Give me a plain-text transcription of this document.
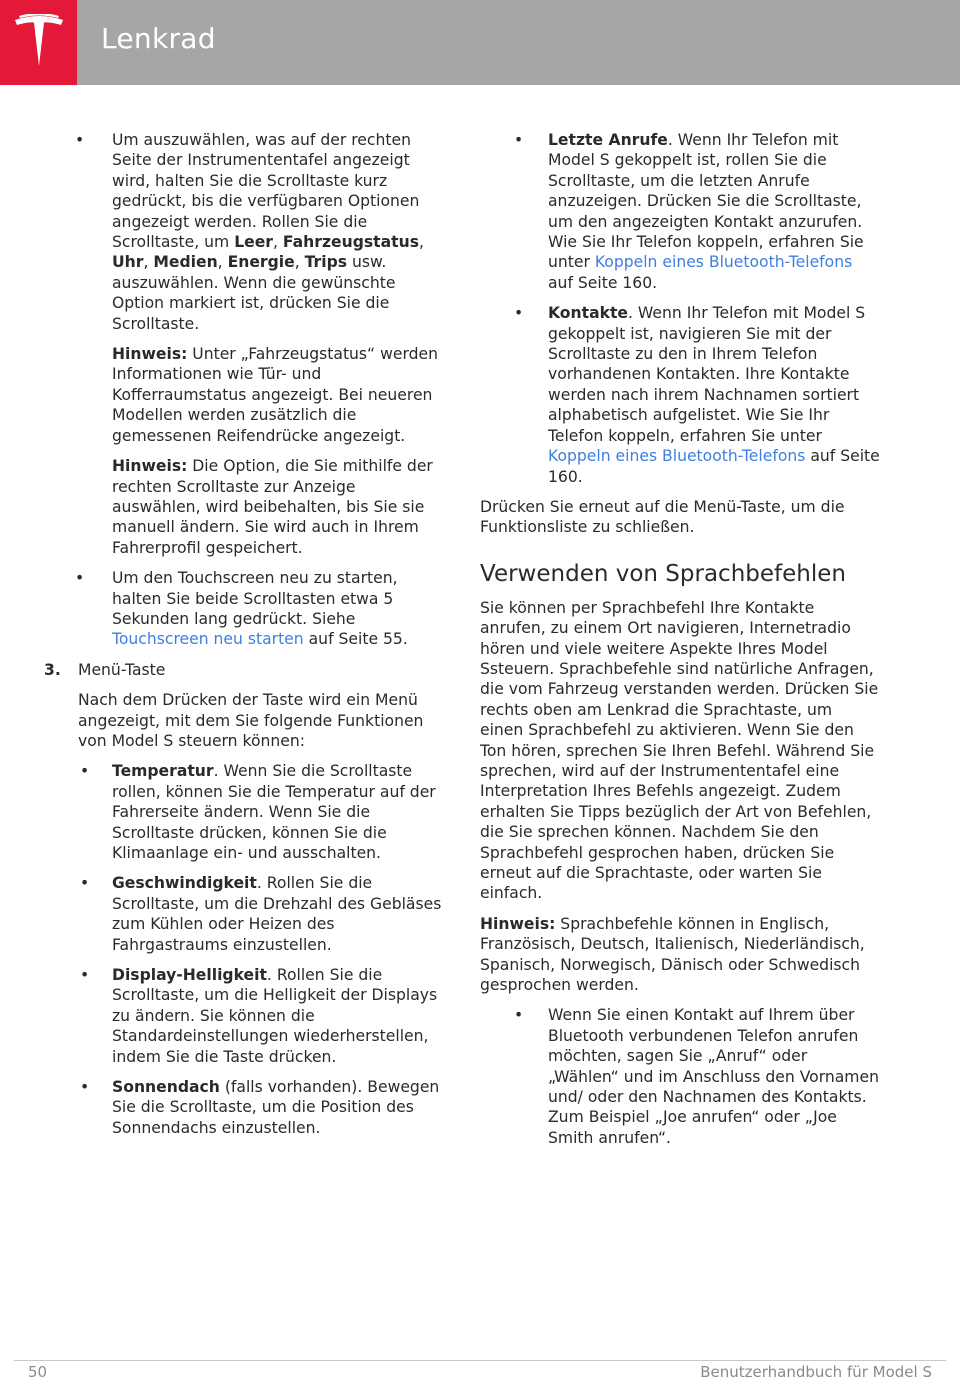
Lenkrad
• Um auszuwählen, was auf der rechten Seite der Instrumententafel angezeigt wird, halten Sie die Scrolltaste kurz gedrückt, bis die verfügbaren Optionen angezeigt werden. Rollen Sie die Scrolltaste, um Leer, Fahrzeugstatus, Uhr, Medien, Energie, Trips usw. auszuwählen. Wenn die gewünschte Option markiert ist, drücken Sie die Scrolltaste.

Hinweis: Unter „Fahrzeugstatus“ werden Informationen wie Tür- und Kofferraumstatus angezeigt. Bei neueren Modellen werden zusätzlich die gemessenen Reifendrücke angezeigt.

Hinweis: Die Option, die Sie mithilfe der rechten Scrolltaste zur Anzeige auswählen, wird beibehalten, bis Sie sie manuell ändern. Sie wird auch in Ihrem Fahrerprofil gespeichert.

• Um den Touchscreen neu zu starten, halten Sie beide Scrolltasten etwa 5 Sekunden lang gedrückt. Siehe Touchscreen neu starten auf Seite 55.
3. Menü-Taste

Nach dem Drücken der Taste wird ein Menü angezeigt, mit dem Sie folgende Funktionen von Model S steuern können:

• Temperatur. Wenn Sie die Scrolltaste rollen, können Sie die Temperatur auf der Fahrerseite ändern. Wenn Sie die Scrolltaste drücken, können Sie die Klimaanlage ein- und ausschalten.
• Geschwindigkeit. Rollen Sie die Scrolltaste, um die Drehzahl des Gebläses zum Kühlen oder Heizen des Fahrgastraums einzustellen.
• Display-Helligkeit. Rollen Sie die Scrolltaste, um die Helligkeit der Displays zu ändern. Sie können die Standardeinstellungen wiederherstellen, indem Sie die Taste drücken.
• Sonnendach (falls vorhanden). Bewegen Sie die Scrolltaste, um die Position des Sonnendachs einzustellen.
• Letzte Anrufe. Wenn Ihr Telefon mit Model S gekoppelt ist, rollen Sie die Scrolltaste, um die letzten Anrufe anzuzeigen. Drücken Sie die Scrolltaste, um den angezeigten Kontakt anzurufen. Wie Sie Ihr Telefon koppeln, erfahren Sie unter Koppeln eines Bluetooth-Telefons auf Seite 160.
• Kontakte. Wenn Ihr Telefon mit Model S gekoppelt ist, navigieren Sie mit der Scrolltaste zu den in Ihrem Telefon vorhandenen Kontakten. Ihre Kontakte werden nach ihrem Nachnamen sortiert alphabetisch aufgelistet. Wie Sie Ihr Telefon koppeln, erfahren Sie unter Koppeln eines Bluetooth-Telefons auf Seite 160.

Drücken Sie erneut auf die Menü-Taste, um die Funktionsliste zu schließen.

Verwenden von Sprachbefehlen

Sie können per Sprachbefehl Ihre Kontakte anrufen, zu einem Ort navigieren, Internetradio hören und viele weitere Aspekte Ihres Model Ssteuern. Sprachbefehle sind natürliche Anfragen, die vom Fahrzeug verstanden werden. Drücken Sie rechts oben am Lenkrad die Sprachtaste, um einen Sprachbefehl zu aktivieren. Wenn Sie den Ton hören, sprechen Sie Ihren Befehl. Während Sie sprechen, wird auf der Instrumententafel eine Interpretation Ihres Befehls angezeigt. Zudem erhalten Sie Tipps bezüglich der Art von Befehlen, die Sie sprechen können. Nachdem Sie den Sprachbefehl gesprochen haben, drücken Sie erneut auf die Sprachtaste, oder warten Sie einfach.

Hinweis: Sprachbefehle können in Englisch, Französisch, Deutsch, Italienisch, Niederländisch, Spanisch, Norwegisch, Dänisch oder Schwedisch gesprochen werden.

• Wenn Sie einen Kontakt auf Ihrem über Bluetooth verbundenen Telefon anrufen möchten, sagen Sie „Anruf“ oder „Wählen“ und im Anschluss den Vornamen und/ oder den Nachnamen des Kontakts. Zum Beispiel „Joe anrufen“ oder „Joe Smith anrufen“.
50	Benutzerhandbuch für Model S
